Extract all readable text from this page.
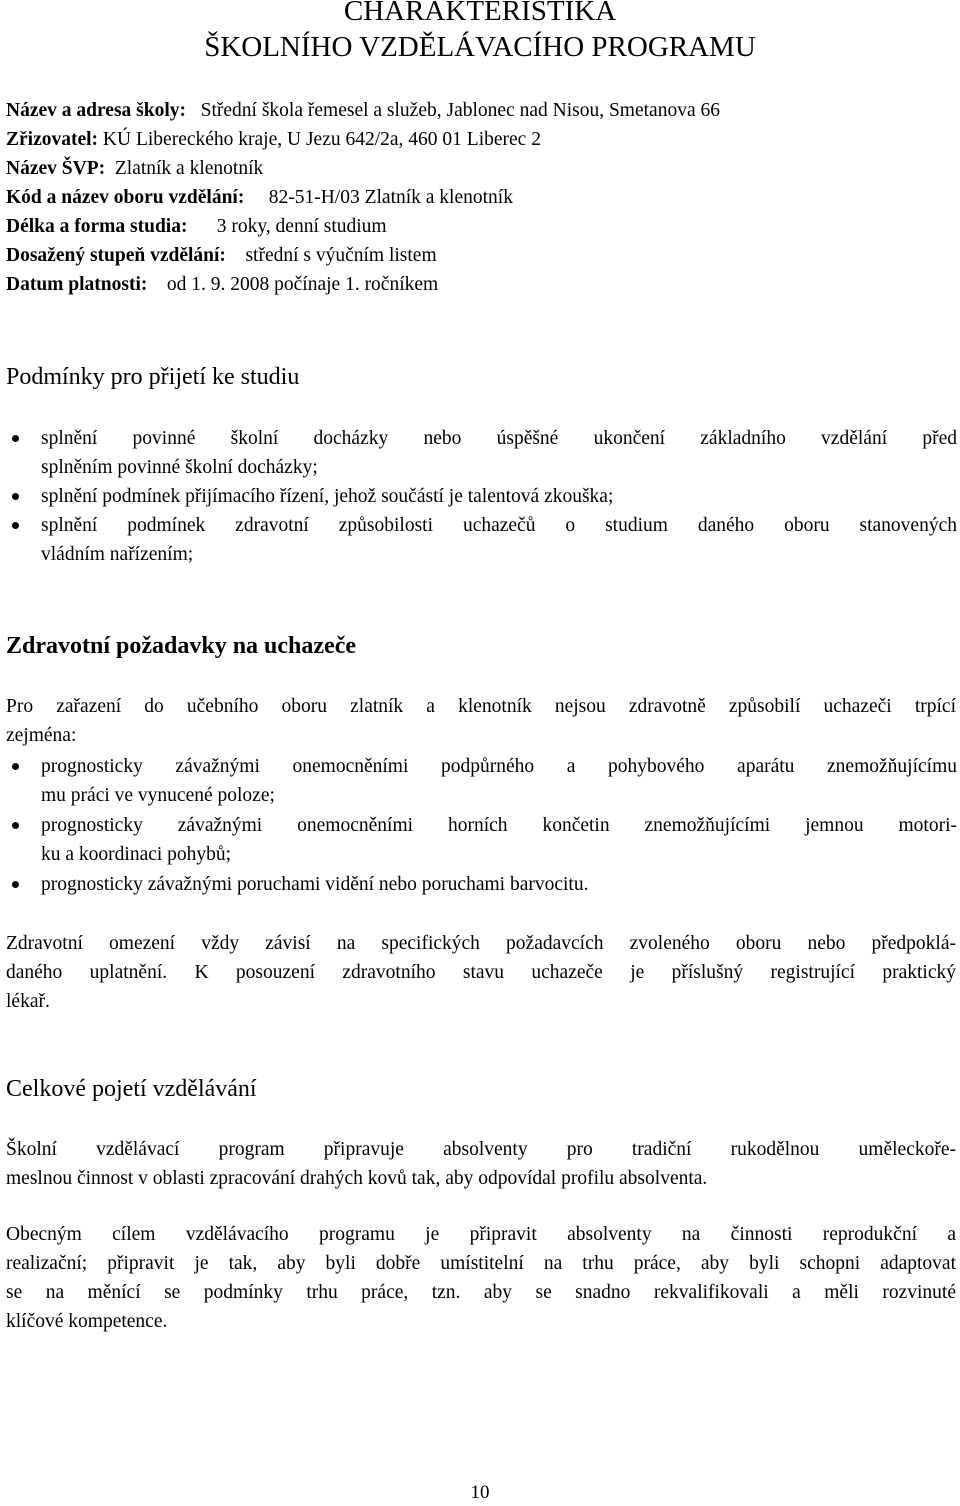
CHARAKTERISTIKA
ŠKOLNÍHO VZDĚLÁVACÍHO PROGRAMU
Název a adresa školy: Střední škola řemesel a služeb, Jablonec nad Nisou, Smetanova 66
Zřizovatel: KÚ Libereckého kraje, U Jezu 642/2a, 460 01 Liberec 2
Název ŠVP: Zlatník a klenotník
Kód a název oboru vzdělání: 82-51-H/03 Zlatník a klenotník
Délka a forma studia: 3 roky, denní studium
Dosažený stupeň vzdělání: střední s výučním listem
Datum platnosti: od 1. 9. 2008 počínaje 1. ročníkem
Podmínky pro přijetí ke studiu
splnění povinné školní docházky nebo úspěšné ukončení základního vzdělání před
splněním povinné školní docházky;
splnění podmínek přijímacího řízení, jehož součástí je talentová zkouška;
splnění podmínek zdravotní způsobilosti uchazečů o studium daného oboru stanovených
vládním nařízením;
Zdravotní požadavky na uchazeče
Pro zařazení do učebního oboru zlatník a klenotník nejsou zdravotně způsobilí uchazeči trpící
zejména:
prognosticky závažnými onemocněními podpůrného a pohybového aparátu znemožňujícímu
mu práci ve vynucené poloze;
prognosticky závažnými onemocněními horních končetin znemožňujícími jemnou motori-
ku a koordinaci pohybů;
prognosticky závažnými poruchami vidění nebo poruchami barvocitu.
Zdravotní omezení vždy závisí na specifických požadavcích zvoleného oboru nebo předpoklá-
daného uplatnění. K posouzení zdravotního stavu uchazeče je příslušný registrující praktický
lékař.
Celkové pojetí vzdělávání
Školní vzdělávací program připravuje absolventy pro tradiční rukodělnou uměleckoře-
meslnou činnost v oblasti zpracování drahých kovů tak, aby odpovídal profilu absolventa.
Obecným cílem vzdělávacího programu je připravit absolventy na činnosti reprodukční a
realizační; připravit je tak, aby byli dobře umístitelní na trhu práce, aby byli schopni adaptovat
se na měnící se podmínky trhu práce, tzn. aby se snadno rekvalifikovali a měli rozvinuté
klíčové kompetence.
10
